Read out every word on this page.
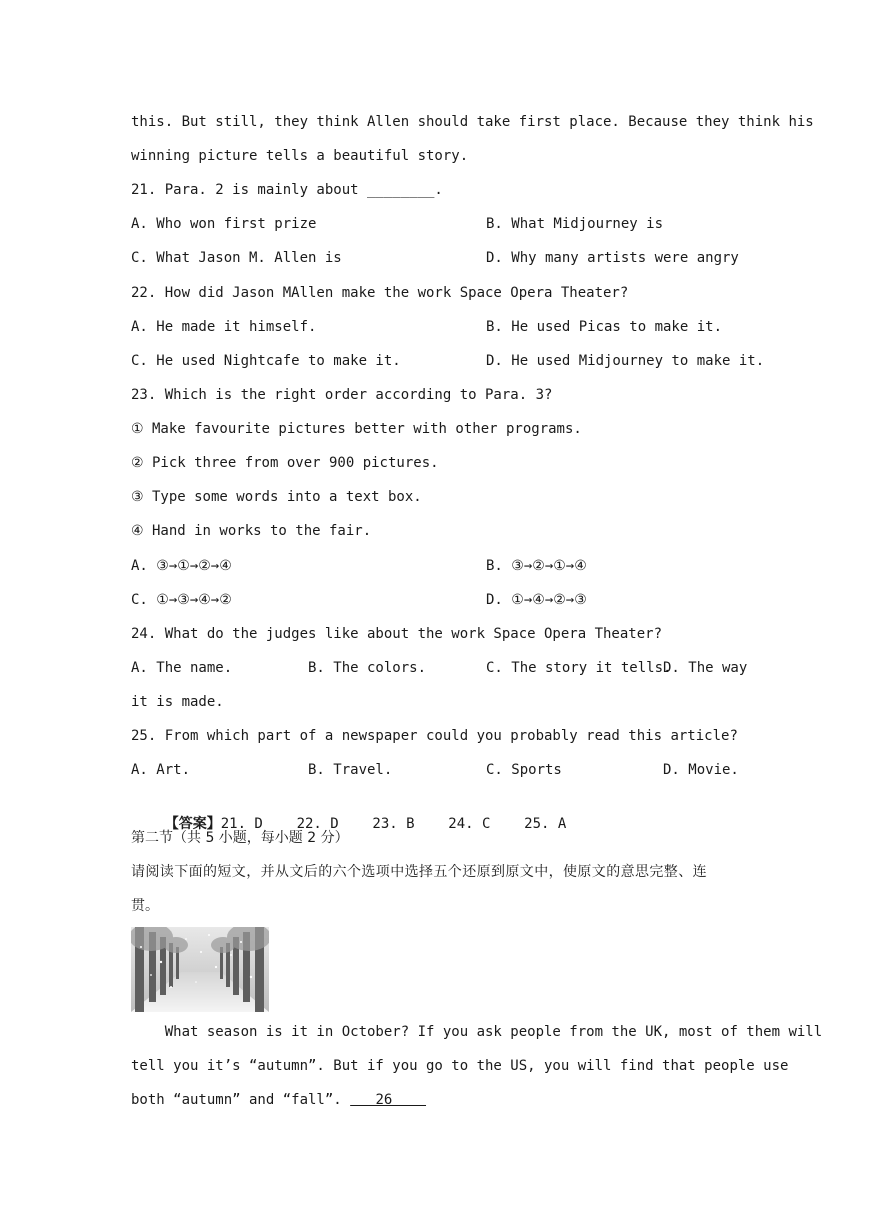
this. But still, they think Allen should take first place. Because they think his
winning picture tells a beautiful story.
21. Para. 2 is mainly about ________.
A. Who won first prize	B. What Midjourney is
C. What Jason M. Allen is	D. Why many artists were angry
22. How did Jason MAllen make the work Space Opera Theater?
A. He made it himself.	B. He used Picas to make it.
C. He used Nightcafe to make it.	D. He used Midjourney to make it.
23. Which is the right order according to Para. 3?
① Make favourite pictures better with other programs.
② Pick three from over 900 pictures.
③ Type some words into a text box.
④ Hand in works to the fair.
A. ③→①→②→④	B. ③→②→①→④
C. ①→③→④→②	D. ①→④→②→③
24. What do the judges like about the work Space Opera Theater?
A. The name.	B. The colors.	C. The story it tells.
D. The way
it is made.
25. From which part of a newspaper could you probably read this article?
A. Art.	B. Travel.	C. Sports	D. Movie.

【答案】21. D    22. D    23. B    24. C    25. A

第二节（共 5 小题，每小题 2 分）
请阅读下面的短文，并从文后的六个选项中选择五个还原到原文中，使原文的意思完整、连
贯。
What season is it in October? If you ask people from the UK, most of them will
tell you it’s “autumn”. But if you go to the US, you will find that people use
both “autumn” and “fall”.    26
